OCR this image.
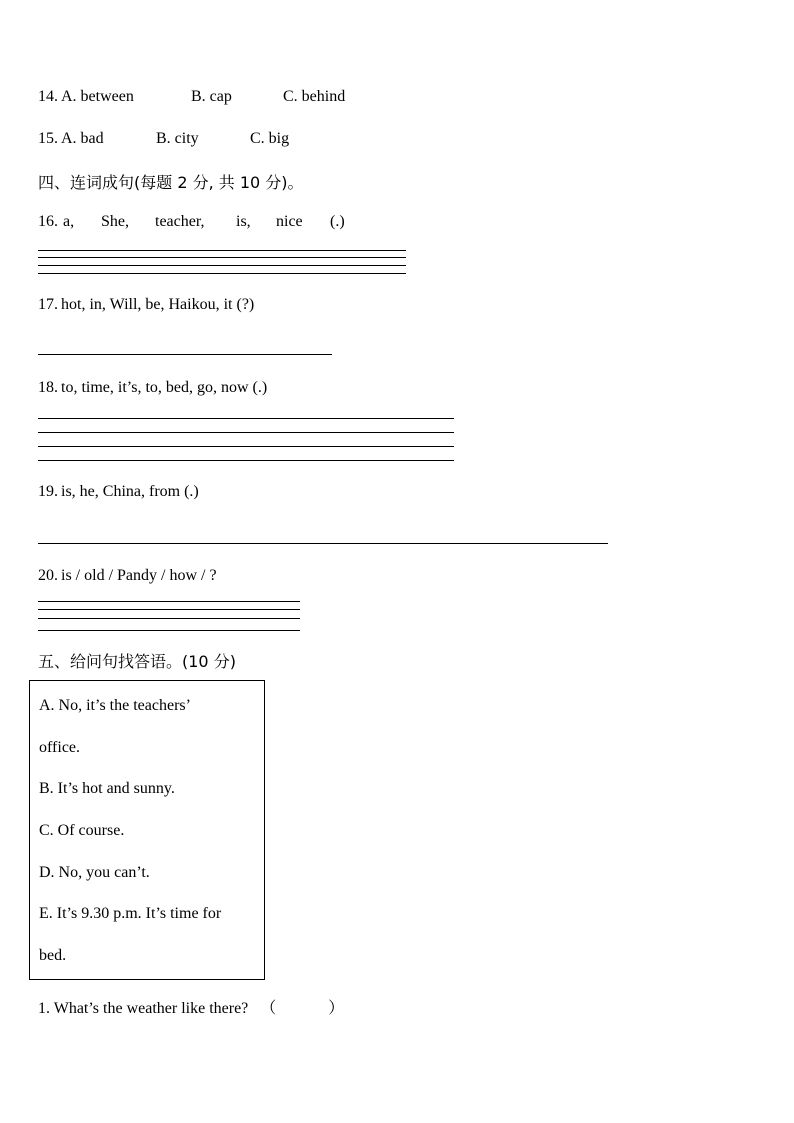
14. A. between	B. cap	C. behind
15. A. bad	B. city	C. big
四、连词成句(每题 2 分, 共 10 分)。
16. a, She, teacher, is, nice (.)
17. hot, in, Will, be, Haikou, it (?)
18. to, time, it’s, to, bed, go, now (.)
19. is, he, China, from (.)
20. is / old / Pandy / how / ?
五、给问句找答语。(10 分)
A. No, it’s the teachers’
office.
B. It’s hot and sunny.
C. Of course.
D. No, you can’t.
E. It’s 9.30 p.m. It’s time for
bed.
1. What’s the weather like there? （	）
